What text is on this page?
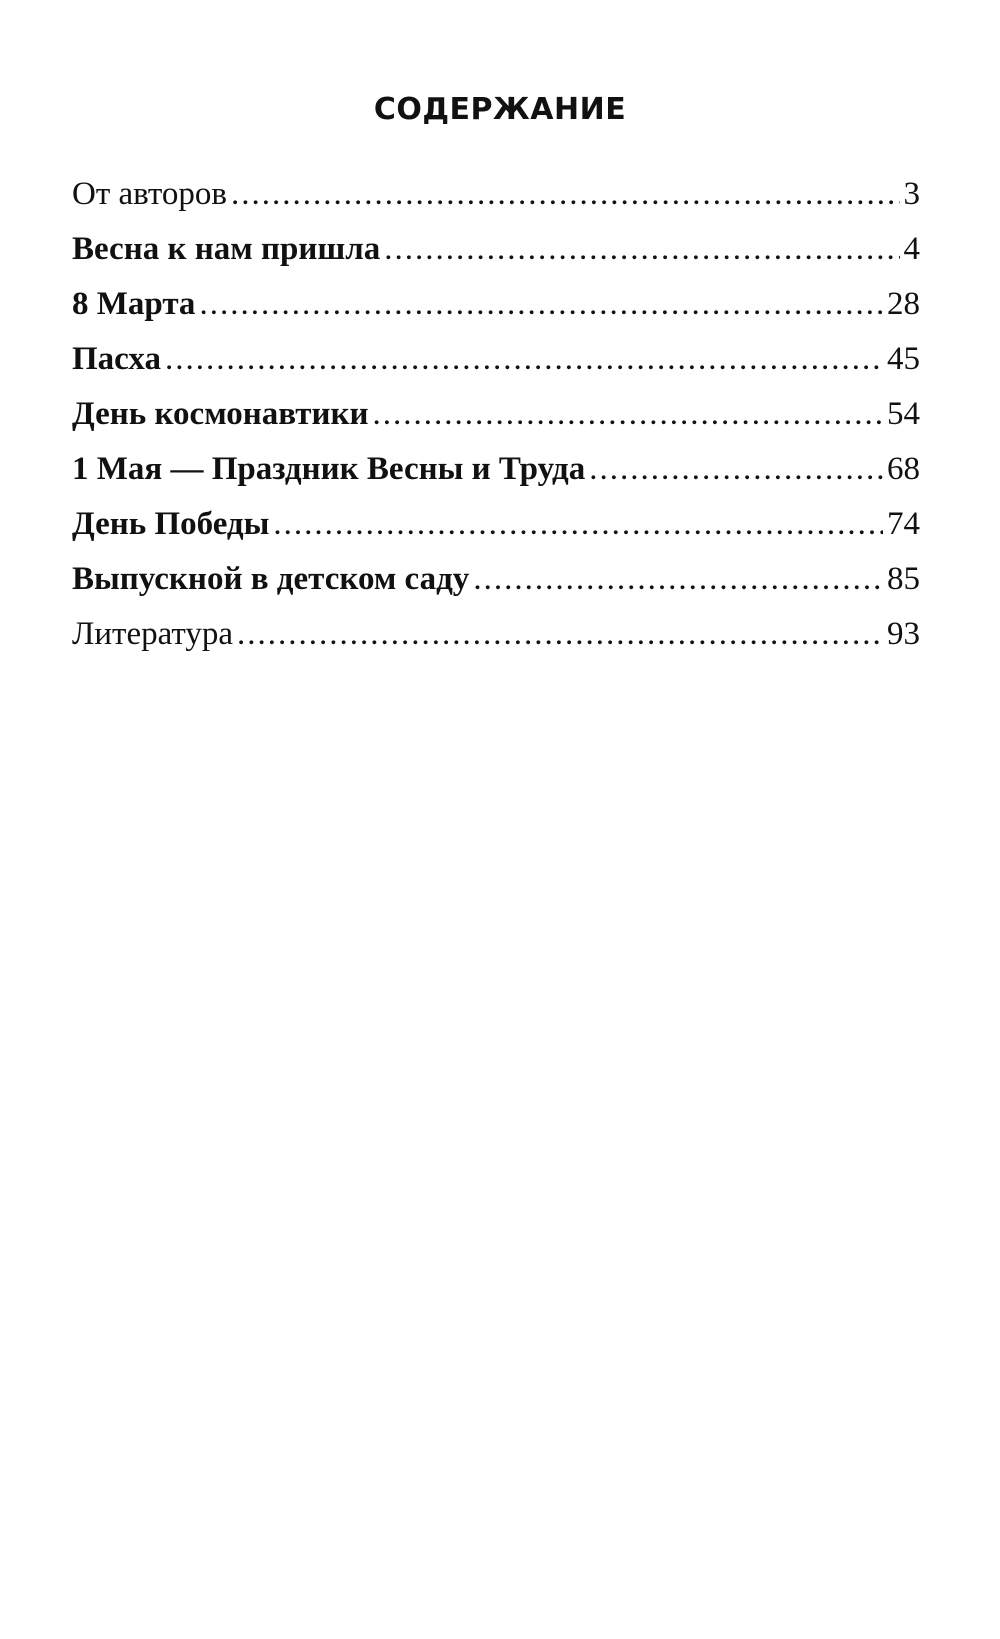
СОДЕРЖАНИЕ
От авторов .....	3
Весна к нам пришла .....	4
8 Марта .....	28
Пасха .....	45
День космонавтики .....	54
1 Мая — Праздник Весны и Труда .....	68
День Победы .....	74
Выпускной в детском саду .....	85
Литература .....	93
